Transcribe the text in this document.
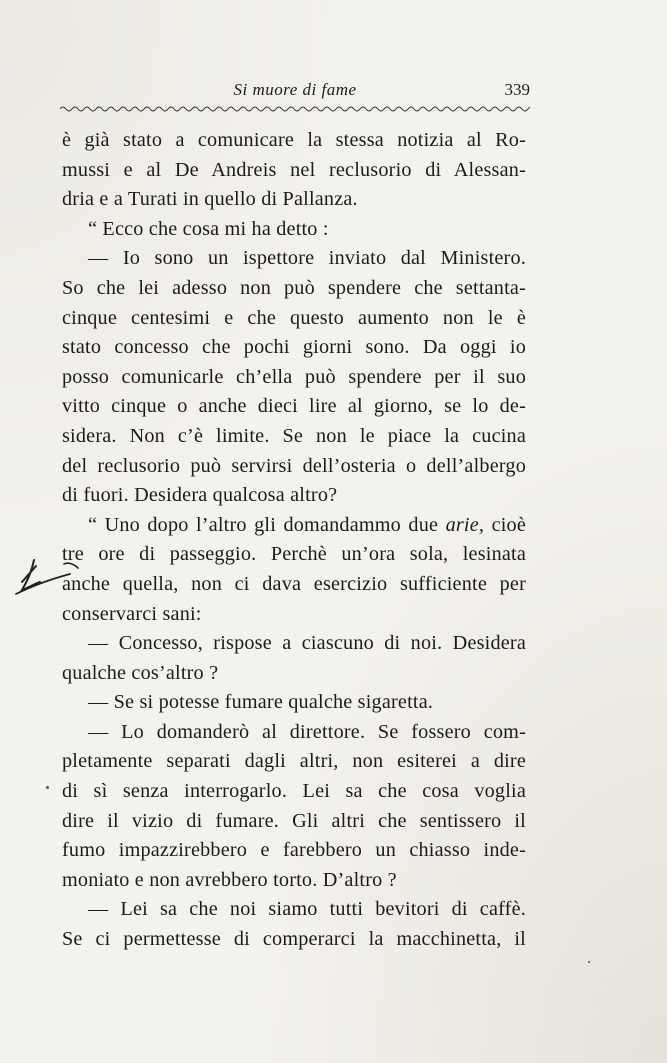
Si muore di fame	339
è già stato a comunicare la stessa notizia al Ro-
mussi e al De Andreis nel reclusorio di Alessan-
dria e a Turati in quello di Pallanza.
“ Ecco che cosa mi ha detto :
— Io sono un ispettore inviato dal Ministero.
So che lei adesso non può spendere che settanta-
cinque centesimi e che questo aumento non le è
stato concesso che pochi giorni sono. Da oggi io
posso comunicarle ch’ella può spendere per il suo
vitto cinque o anche dieci lire al giorno, se lo de-
sidera. Non c’è limite. Se non le piace la cucina
del reclusorio può servirsi dell’osteria o dell’albergo
di fuori. Desidera qualcosa altro?
“ Uno dopo l’altro gli domandammo due arie, cioè
tre ore di passeggio. Perchè un’ora sola, lesinata
anche quella, non ci dava esercizio sufficiente per
conservarci sani:
— Concesso, rispose a ciascuno di noi. Desidera
qualche cos’altro ?
— Se si potesse fumare qualche sigaretta.
— Lo domanderò al direttore. Se fossero com-
pletamente separati dagli altri, non esiterei a dire
di sì senza interrogarlo. Lei sa che cosa voglia
dire il vizio di fumare. Gli altri che sentissero il
fumo impazzirebbero e farebbero un chiasso inde-
moniato e non avrebbero torto. D’altro ?
— Lei sa che noi siamo tutti bevitori di caffè.
Se ci permettesse di comperarci la macchinetta, il
